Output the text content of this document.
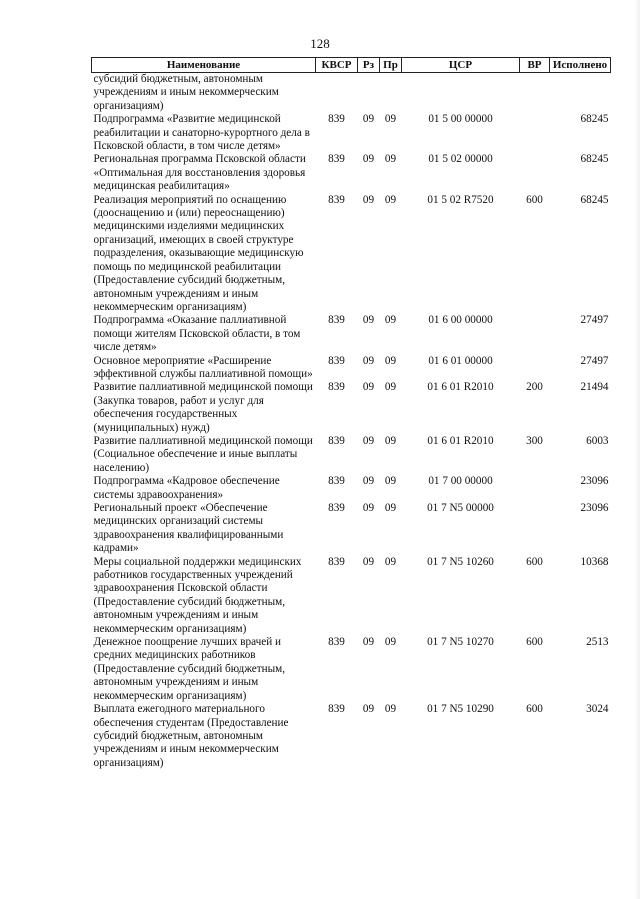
128
Наименование	КВСР	Рз	Пр	ЦСР	ВР	Исполнено
субсидий бюджетным, автономным учреждениям и иным некоммерческим организациям)						
Подпрограмма «Развитие медицинской реабилитации и санаторно-курортного дела в Псковской области, в том числе детям»	839	09	09	01 5 00 00000		68245
Региональная программа Псковской области «Оптимальная для восстановления здоровья медицинская реабилитация»	839	09	09	01 5 02 00000		68245
Реализация мероприятий по оснащению (дооснащению и (или) переоснащению) медицинскими изделиями медицинских организаций, имеющих в своей структуре подразделения, оказывающие медицинскую помощь по медицинской реабилитации (Предоставление субсидий бюджетным, автономным учреждениям и иным некоммерческим организациям)	839	09	09	01 5 02 R7520	600	68245
Подпрограмма «Оказание паллиативной помощи жителям Псковской области, в том числе детям»	839	09	09	01 6 00 00000		27497
Основное мероприятие «Расширение эффективной службы паллиативной помощи»	839	09	09	01 6 01 00000		27497
Развитие паллиативной медицинской помощи (Закупка товаров, работ и услуг для обеспечения государственных (муниципальных) нужд)	839	09	09	01 6 01 R2010	200	21494
Развитие паллиативной медицинской помощи (Социальное обеспечение и иные выплаты населению)	839	09	09	01 6 01 R2010	300	6003
Подпрограмма «Кадровое обеспечение системы здравоохранения»	839	09	09	01 7 00 00000		23096
Региональный проект «Обеспечение медицинских организаций системы здравоохранения квалифицированными кадрами»	839	09	09	01 7 N5 00000		23096
Меры социальной поддержки медицинских работников государственных учреждений здравоохранения Псковской области (Предоставление субсидий бюджетным, автономным учреждениям и иным некоммерческим организациям)	839	09	09	01 7 N5 10260	600	10368
Денежное поощрение лучших врачей и средних медицинских работников (Предоставление субсидий бюджетным, автономным учреждениям и иным некоммерческим организациям)	839	09	09	01 7 N5 10270	600	2513
Выплата ежегодного материального обеспечения студентам (Предоставление субсидий бюджетным, автономным учреждениям и иным некоммерческим организациям)	839	09	09	01 7 N5 10290	600	3024
